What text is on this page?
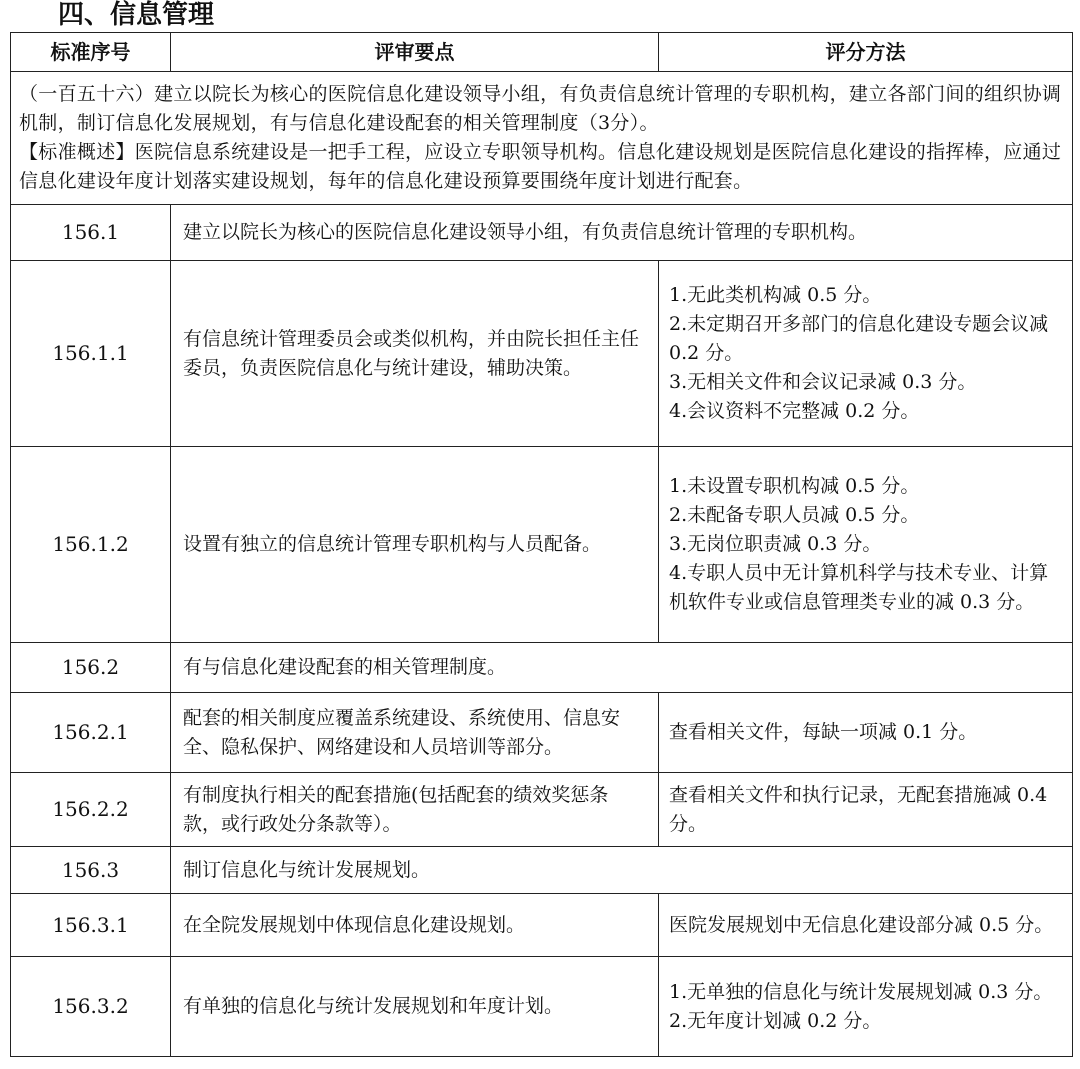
四、信息管理
标准序号	评审要点	评分方法

（一百五十六）建立以院长为核心的医院信息化建设领导小组，有负责信息统计管理的专职机构，建立各部门间的组织协调机制，制订信息化发展规划，有与信息化建设配套的相关管理制度（3分）。
【标准概述】医院信息系统建设是一把手工程，应设立专职领导机构。信息化建设规划是医院信息化建设的指挥棒，应通过信息化建设年度计划落实建设规划，每年的信息化建设预算要围绕年度计划进行配套。		

156.1	建立以院长为核心的医院信息化建设领导小组，有负责信息统计管理的专职机构。	
156.1.1	有信息统计管理委员会或类似机构，并由院长担任主任委员，负责医院信息化与统计建设，辅助决策。	1.无此类机构减 0.5 分。
2.未定期召开多部门的信息化建设专题会议减 0.2 分。
3.无相关文件和会议记录减 0.3 分。
4.会议资料不完整减 0.2 分。

156.1.2	设置有独立的信息统计管理专职机构与人员配备。	1.未设置专职机构减 0.5 分。
2.未配备专职人员减 0.5 分。
3.无岗位职责减 0.3 分。
4.专职人员中无计算机科学与技术专业、计算机软件专业或信息管理类专业的减 0.3 分。

156.2	有与信息化建设配套的相关管理制度。	
156.2.1	配套的相关制度应覆盖系统建设、系统使用、信息安全、隐私保护、网络建设和人员培训等部分。	查看相关文件，每缺一项减 0.1 分。

156.2.2	有制度执行相关的配套措施(包括配套的绩效奖惩条款，或行政处分条款等）。	查看相关文件和执行记录，无配套措施减 0.4 分。

156.3	制订信息化与统计发展规划。	
156.3.1	在全院发展规划中体现信息化建设规划。	医院发展规划中无信息化建设部分减 0.5 分。

156.3.2	有单独的信息化与统计发展规划和年度计划。	1.无单独的信息化与统计发展规划减 0.3 分。
2.无年度计划减 0.2 分。
